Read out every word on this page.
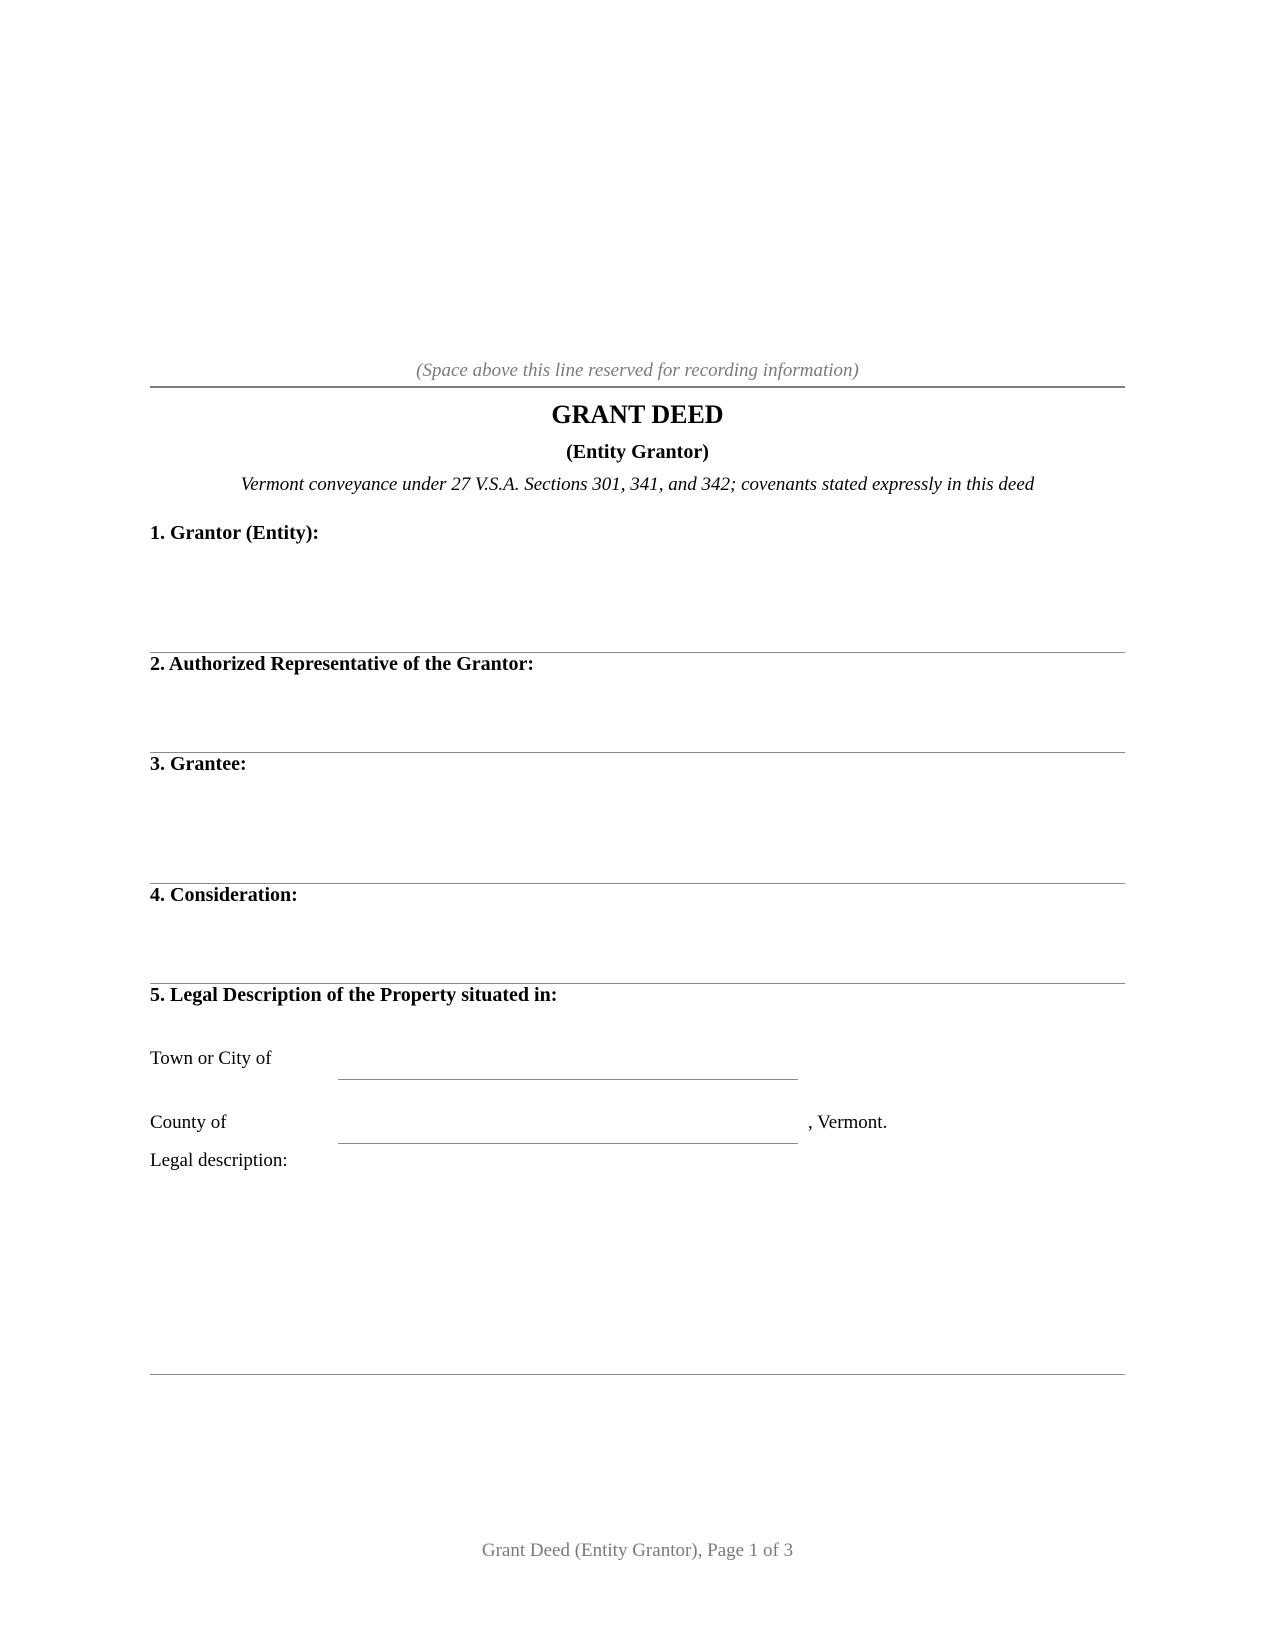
(Space above this line reserved for recording information)
GRANT DEED
(Entity Grantor)
Vermont conveyance under 27 V.S.A. Sections 301, 341, and 342; covenants stated expressly in this deed
1. Grantor (Entity):
2. Authorized Representative of the Grantor:
3. Grantee:
4. Consideration:
5. Legal Description of the Property situated in:
Town or City of
County of	, Vermont.
Legal description:
Grant Deed (Entity Grantor), Page 1 of 3
